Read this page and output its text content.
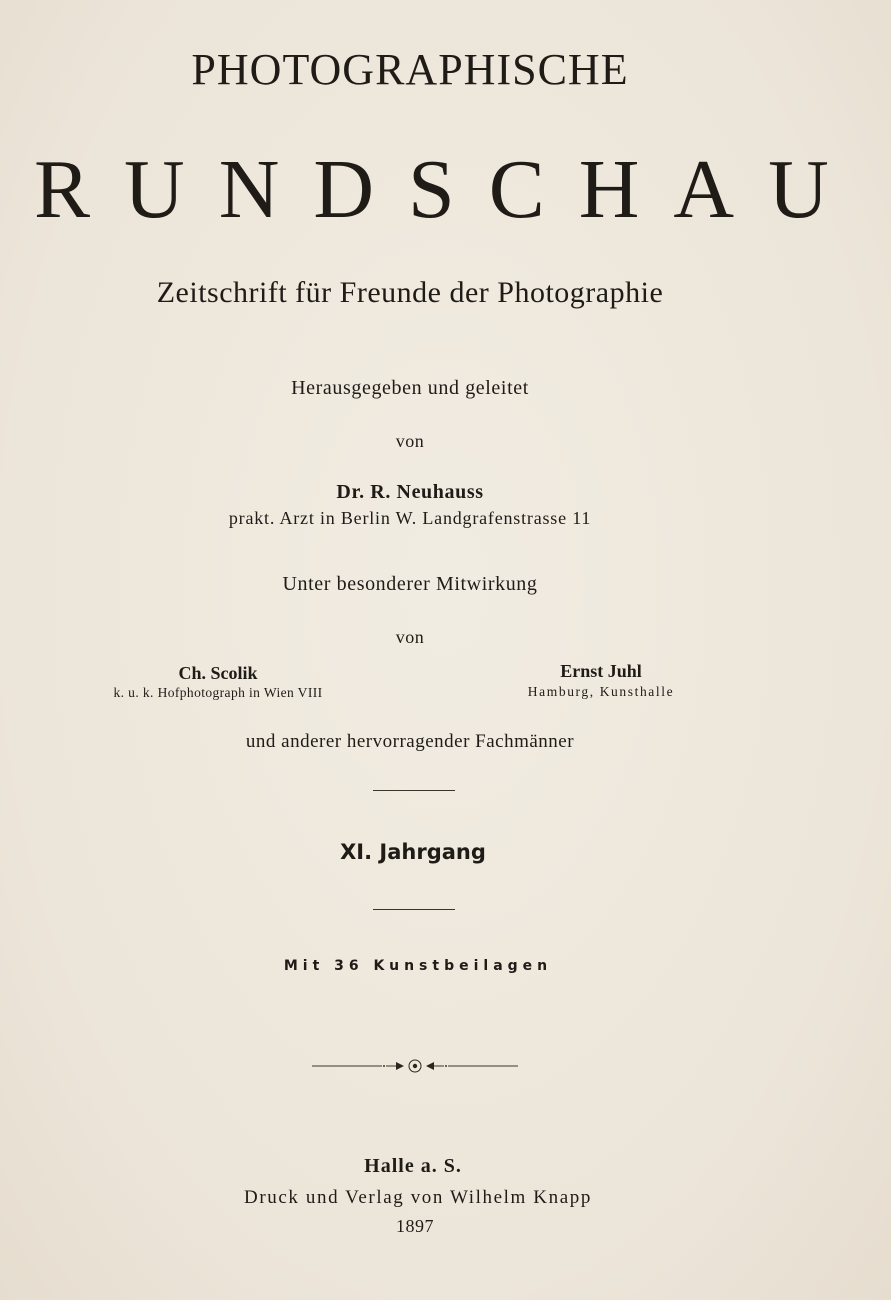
PHOTOGRAPHISCHE
RUNDSCHAU
Zeitschrift für Freunde der Photographie
Herausgegeben und geleitet
von
Dr. R. Neuhauss
prakt. Arzt in Berlin W. Landgrafenstrasse 11
Unter besonderer Mitwirkung
von
Ch. Scolik
k. u. k. Hofphotograph in Wien VIII
Ernst Juhl
Hamburg, Kunsthalle
und anderer hervorragender Fachmänner
XI. Jahrgang
Mit 36 Kunstbeilagen
Halle a. S.
Druck und Verlag von Wilhelm Knapp
1897
